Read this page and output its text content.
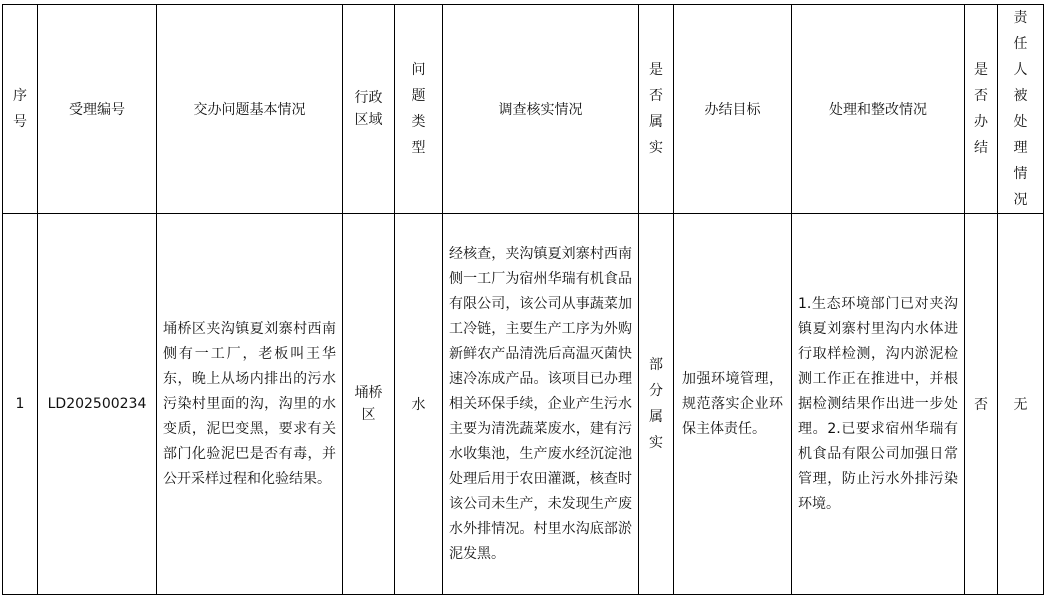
序号	受理编号	交办问题基本情况	行政区域	问题类型	调查核实情况	是否属实	办结目标	处理和整改情况	是否办结	责任人被处理情况
1	LD202500234	埇桥区夹沟镇夏刘寨村西南侧有一工厂，老板叫王华东，晚上从场内排出的污水污染村里面的沟，沟里的水变质，泥巴变黑，要求有关部门化验泥巴是否有毒，并公开采样过程和化验结果。	埇桥区	水	经核查，夹沟镇夏刘寨村西南侧一工厂为宿州华瑞有机食品有限公司，该公司从事蔬菜加工冷链，主要生产工序为外购新鲜农产品清洗后高温灭菌快速冷冻成产品。该项目已办理相关环保手续，企业产生污水主要为清洗蔬菜废水，建有污水收集池，生产废水经沉淀池处理后用于农田灌溉，核查时该公司未生产，未发现生产废水外排情况。村里水沟底部淤泥发黑。	部分属实	加强环境管理，规范落实企业环保主体责任。	1.生态环境部门已对夹沟镇夏刘寨村里沟内水体进行取样检测，沟内淤泥检测工作正在推进中，并根据检测结果作出进一步处理。2.已要求宿州华瑞有机食品有限公司加强日常管理，防止污水外排污染环境。	否	无
